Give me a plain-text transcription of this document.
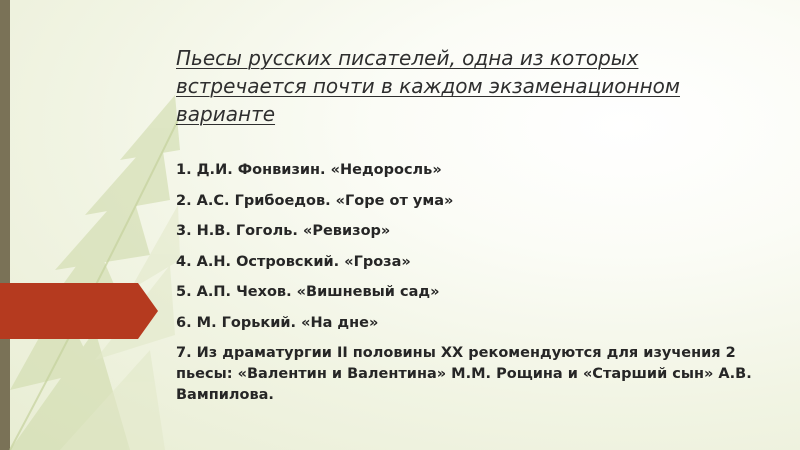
Пьесы русских писателей, одна из которых встречается почти в каждом экзаменационном варианте
1. Д.И. Фонвизин. «Недоросль»
2. А.С. Грибоедов. «Горе от ума»
3. Н.В. Гоголь. «Ревизор»
4. А.Н. Островский. «Гроза»
5. А.П. Чехов. «Вишневый сад»
6. М. Горький. «На дне»
7. Из драматургии II половины XX рекомендуются для изучения 2 пьесы: «Валентин и Валентина» М.М. Рощина и «Старший сын» А.В. Вампилова.
